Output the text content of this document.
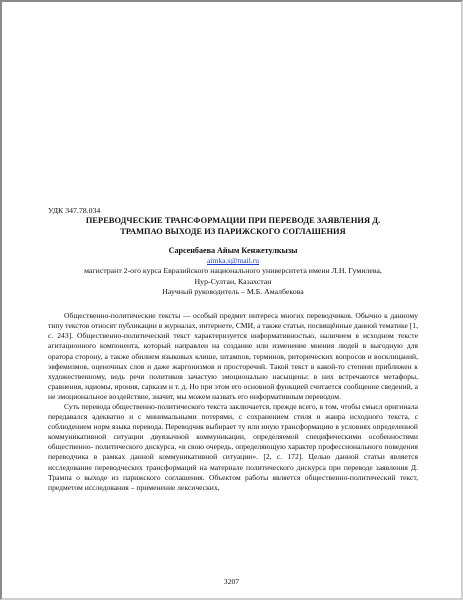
УДК 347.78.034

ПЕРЕВОДЧЕСКИЕ ТРАНСФОРМАЦИИ ПРИ ПЕРЕВОДЕ ЗАЯВЛЕНИЯ Д.

ТРАМПАО ВЫХОДЕ ИЗ ПАРИЖСКОГО СОГЛАШЕНИЯ

Сарсенбаева Айым Кенжетулкызы
aimka.s@mail.ru
магистрант 2-ого курса Евразийского национального университета имени Л.Н. Гумилева,
Нур-Султан, Казахстан
Научный руководитель – М.Б. Амалбекова

Общественно-политические тексты — особый предмет интереса многих переводчиков. Обычно к данному типу текстов относят публикации в журналах, интернете, СМИ, а также статьи, посвящённые данной тематике [1, с. 243]. Общественно-политический текст характеризуется информативностью, наличием в исходном тексте агитационного компонента, который направлен на создание или изменение мнения людей в выгодную для оратора сторону, а также обилием языковых клише, штампов, терминов, риторических вопросов и восклицаний, эвфемизмов, оценочных слов и даже жаргонизмов и просторечий. Такой текст в какой-то степени приближен к художественному, ведь речи политиков зачастую эмоционально насыщены: в них встречаются метафоры, сравнения, идиомы, ирония, сарказм и т. д. Но при этом его основной функцией считается сообщение сведений, а не эмоциональное воздействие, значит, мы можем назвать его информативным переводом.

Суть перевода общественно-политического текста заключается, прежде всего, в том, чтобы смысл оригинала передавался адекватно и с минимальными потерями, с сохранением стиля и жанра исходного текста, с соблюдением норм языка перевода. Переводчик выбирает ту или иную трансформацию в условиях определенной коммуникативной ситуации двуязычной коммуникации, определяемой специфическими особенностями общественно- политического дискурса, «в свою очередь, определяющую характер профессионального поведения переводчика в рамках данной коммуникативной ситуации». [2, с. 172]. Целью данной статьи является исследование переводческих трансформаций на материале политического дискурса при переводе заявления Д. Трампа о выходе из парижского соглашения. Объектом работы является общественно-политический текст, предметом исследования – применение лексических,

3207
